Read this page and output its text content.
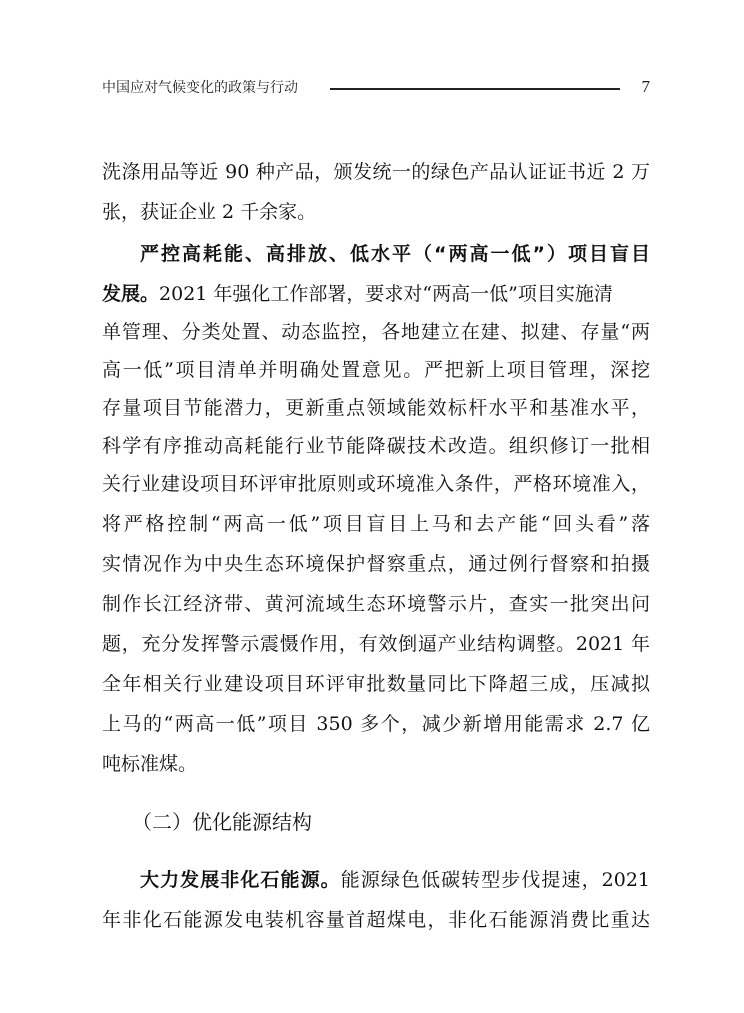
中国应对气候变化的政策与行动	7
洗涤用品等近 90 种产品，颁发统一的绿色产品认证证书近 2 万
张，获证企业 2 千余家。
严控高耗能、高排放、低水平（“两高一低”）项目盲目
发展。2021 年强化工作部署，要求对“两高一低”项目实施清
单管理、分类处置、动态监控，各地建立在建、拟建、存量“两
高一低”项目清单并明确处置意见。严把新上项目管理，深挖
存量项目节能潜力，更新重点领域能效标杆水平和基准水平，
科学有序推动高耗能行业节能降碳技术改造。组织修订一批相
关行业建设项目环评审批原则或环境准入条件，严格环境准入，
将严格控制“两高一低”项目盲目上马和去产能“回头看”落
实情况作为中央生态环境保护督察重点，通过例行督察和拍摄
制作长江经济带、黄河流域生态环境警示片，查实一批突出问
题，充分发挥警示震慑作用，有效倒逼产业结构调整。2021 年
全年相关行业建设项目环评审批数量同比下降超三成，压减拟
上马的“两高一低”项目 350 多个，减少新增用能需求 2.7 亿
吨标准煤。
（二）优化能源结构
大力发展非化石能源。能源绿色低碳转型步伐提速，2021
年非化石能源发电装机容量首超煤电，非化石能源消费比重达
